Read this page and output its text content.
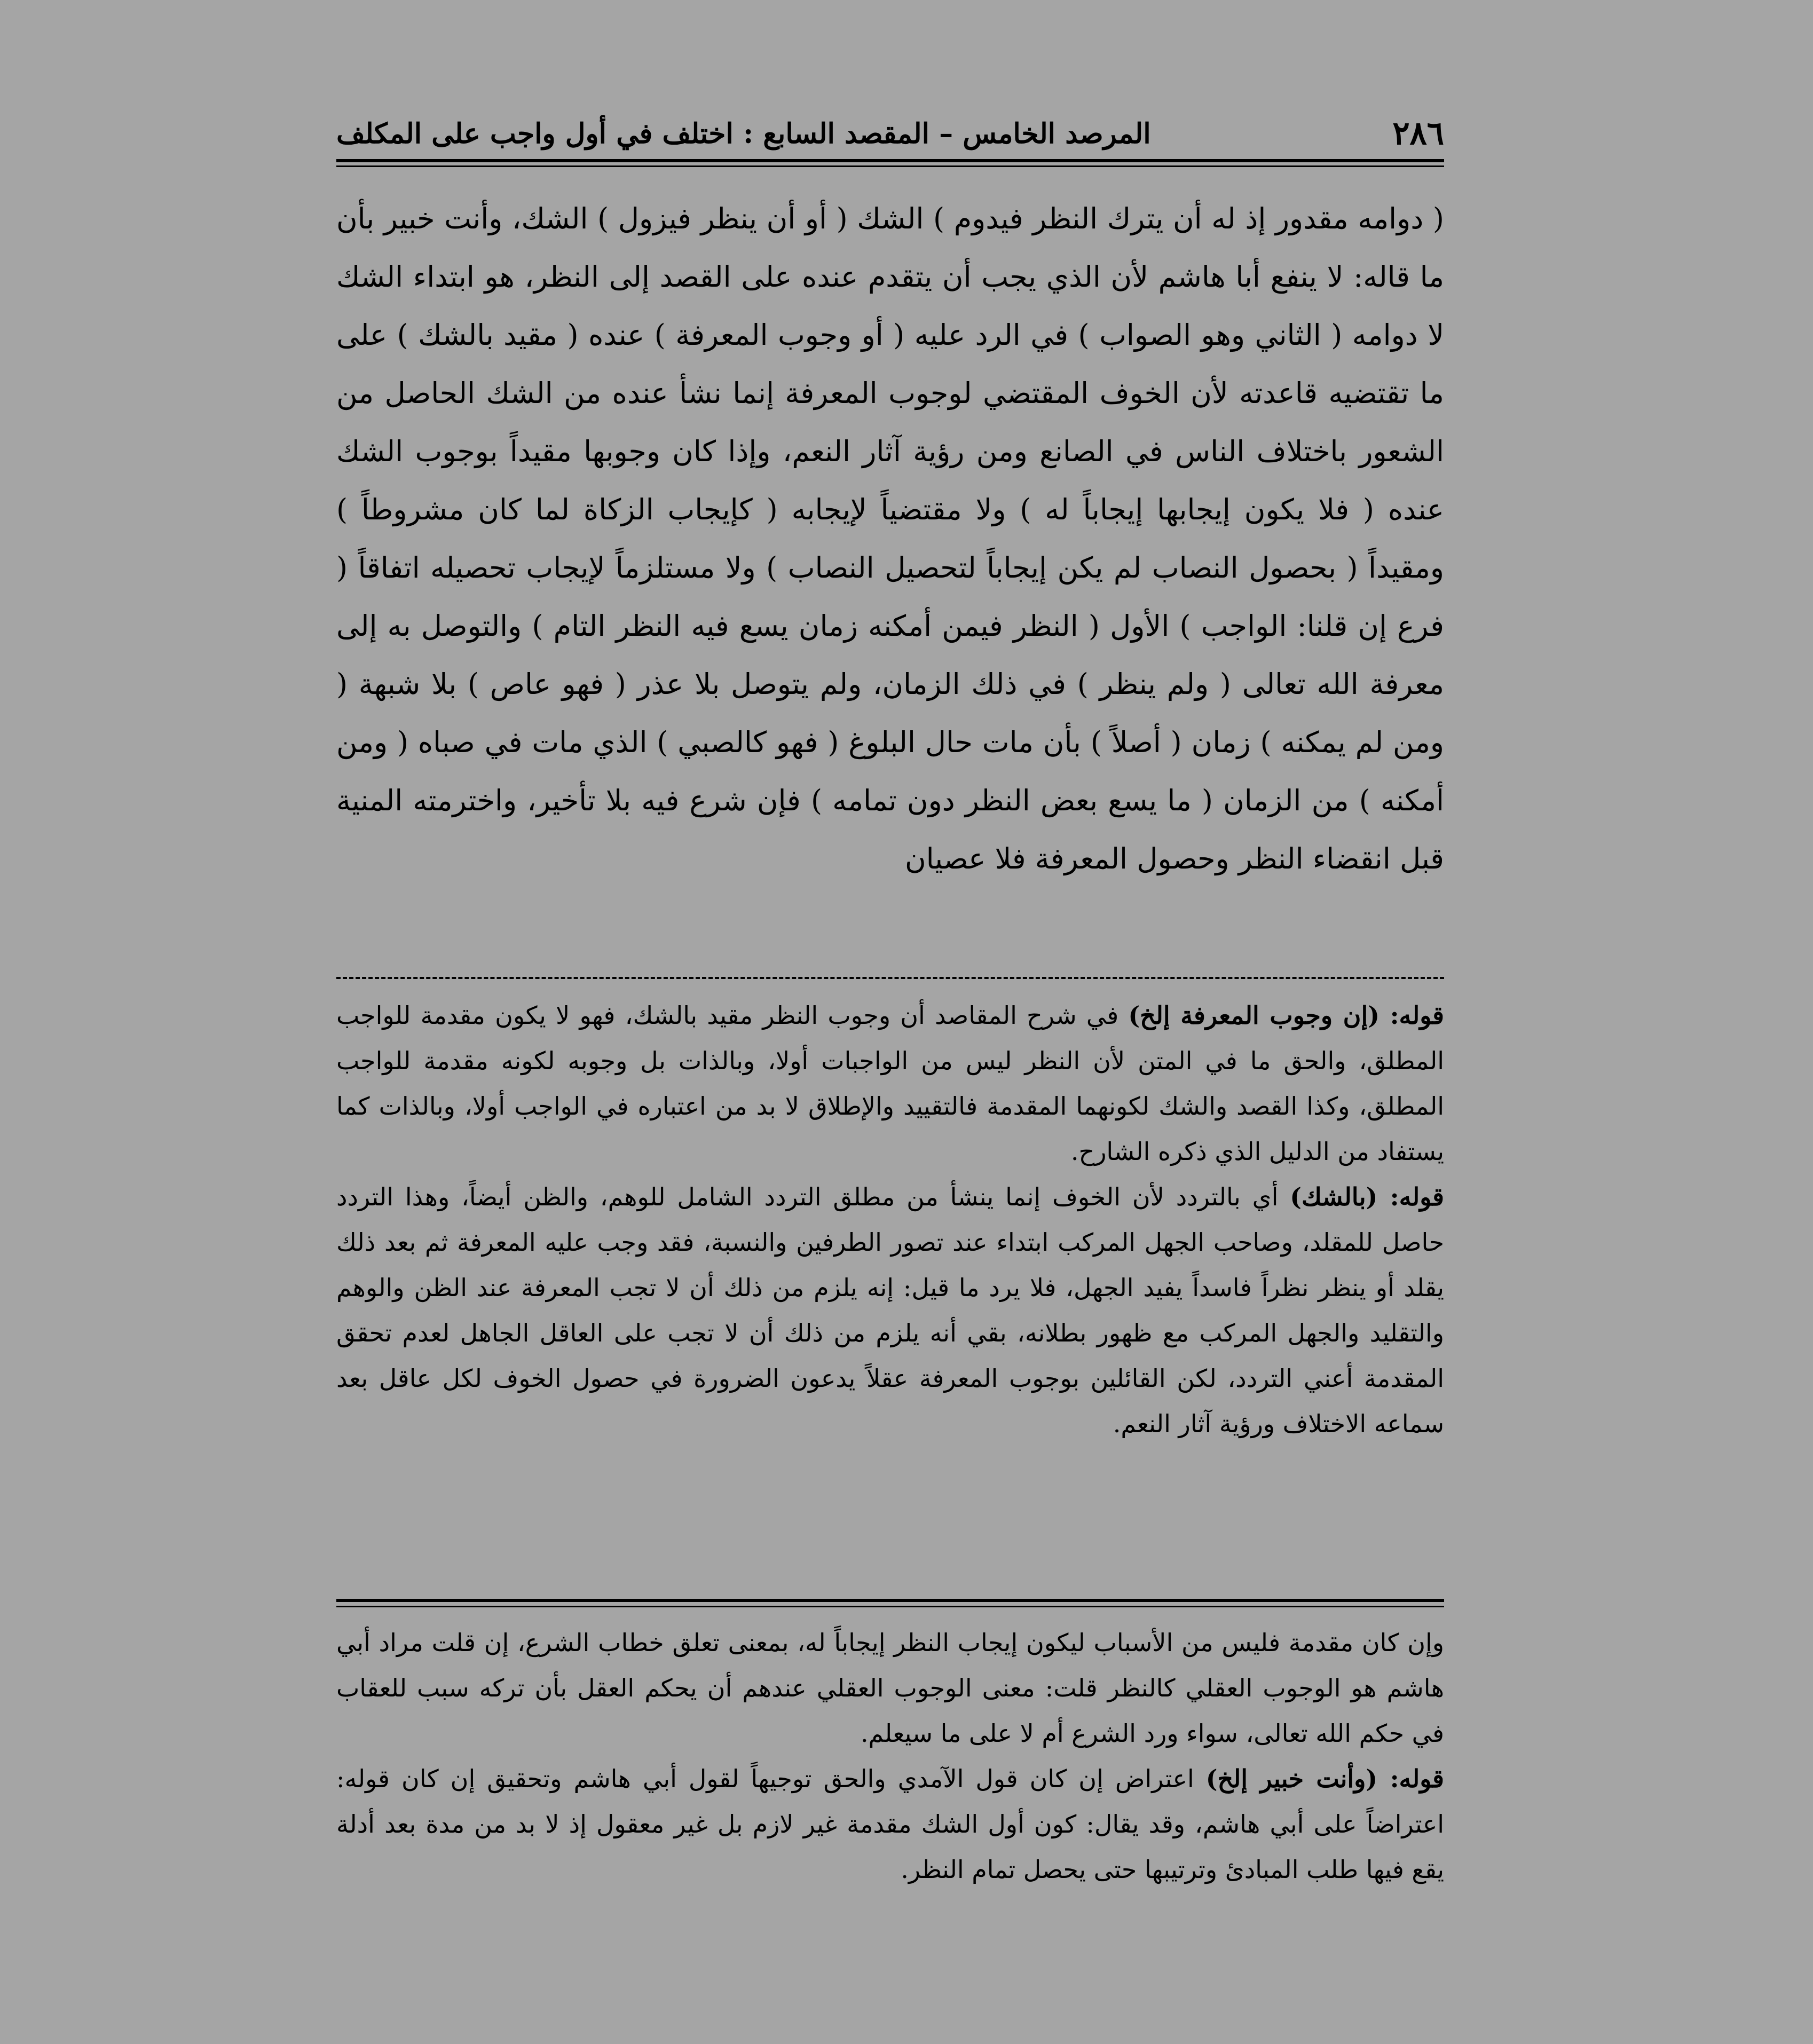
٢٨٦
المرصد الخامس – المقصد السابع : اختلف في أول واجب على المكلف
( دوامه مقدور إذ له أن يترك النظر فيدوم ) الشك ( أو أن ينظر فيزول ) الشك، وأنت خبير بأن ما قاله: لا ينفع أبا هاشم لأن الذي يجب أن يتقدم عنده على القصد إلى النظر، هو ابتداء الشك لا دوامه ( الثاني وهو الصواب ) في الرد عليه ( أو وجوب المعرفة ) عنده ( مقيد بالشك ) على ما تقتضيه قاعدته لأن الخوف المقتضي لوجوب المعرفة إنما نشأ عنده من الشك الحاصل من الشعور باختلاف الناس في الصانع ومن رؤية آثار النعم، وإذا كان وجوبها مقيداً بوجوب الشك عنده ( فلا يكون إيجابها إيجاباً له ) ولا مقتضياً لإيجابه ( كإيجاب الزكاة لما كان مشروطاً ) ومقيداً ( بحصول النصاب لم يكن إيجاباً لتحصيل النصاب ) ولا مستلزماً لإيجاب تحصيله اتفاقاً ( فرع إن قلنا: الواجب ) الأول ( النظر فيمن أمكنه زمان يسع فيه النظر التام ) والتوصل به إلى معرفة الله تعالى ( ولم ينظر ) في ذلك الزمان، ولم يتوصل بلا عذر ( فهو عاص ) بلا شبهة ( ومن لم يمكنه ) زمان ( أصلاً ) بأن مات حال البلوغ ( فهو كالصبي ) الذي مات في صباه ( ومن أمكنه ) من الزمان ( ما يسع بعض النظر دون تمامه ) فإن شرع فيه بلا تأخير، واخترمته المنية قبل انقضاء النظر وحصول المعرفة فلا عصيان

قوله: (إن وجوب المعرفة إلخ) في شرح المقاصد أن وجوب النظر مقيد بالشك، فهو لا يكون مقدمة للواجب المطلق، والحق ما في المتن لأن النظر ليس من الواجبات أولا، وبالذات بل وجوبه لكونه مقدمة للواجب المطلق، وكذا القصد والشك لكونهما المقدمة فالتقييد والإطلاق لا بد من اعتباره في الواجب أولا، وبالذات كما يستفاد من الدليل الذي ذكره الشارح.

قوله: (بالشك) أي بالتردد لأن الخوف إنما ينشأ من مطلق التردد الشامل للوهم، والظن أيضاً، وهذا التردد حاصل للمقلد، وصاحب الجهل المركب ابتداء عند تصور الطرفين والنسبة، فقد وجب عليه المعرفة ثم بعد ذلك يقلد أو ينظر نظراً فاسداً يفيد الجهل، فلا يرد ما قيل: إنه يلزم من ذلك أن لا تجب المعرفة عند الظن والوهم والتقليد والجهل المركب مع ظهور بطلانه، بقي أنه يلزم من ذلك أن لا تجب على العاقل الجاهل لعدم تحقق المقدمة أعني التردد، لكن القائلين بوجوب المعرفة عقلاً يدعون الضرورة في حصول الخوف لكل عاقل بعد سماعه الاختلاف ورؤية آثار النعم.

وإن كان مقدمة فليس من الأسباب ليكون إيجاب النظر إيجاباً له، بمعنى تعلق خطاب الشرع، إن قلت مراد أبي هاشم هو الوجوب العقلي كالنظر قلت: معنى الوجوب العقلي عندهم أن يحكم العقل بأن تركه سبب للعقاب في حكم الله تعالى، سواء ورد الشرع أم لا على ما سيعلم.

قوله: (وأنت خبير إلخ) اعتراض إن كان قول الآمدي والحق توجيهاً لقول أبي هاشم وتحقيق إن كان قوله: اعتراضاً على أبي هاشم، وقد يقال: كون أول الشك مقدمة غير لازم بل غير معقول إذ لا بد من مدة بعد أدلة يقع فيها طلب المبادئ وترتيبها حتى يحصل تمام النظر.
